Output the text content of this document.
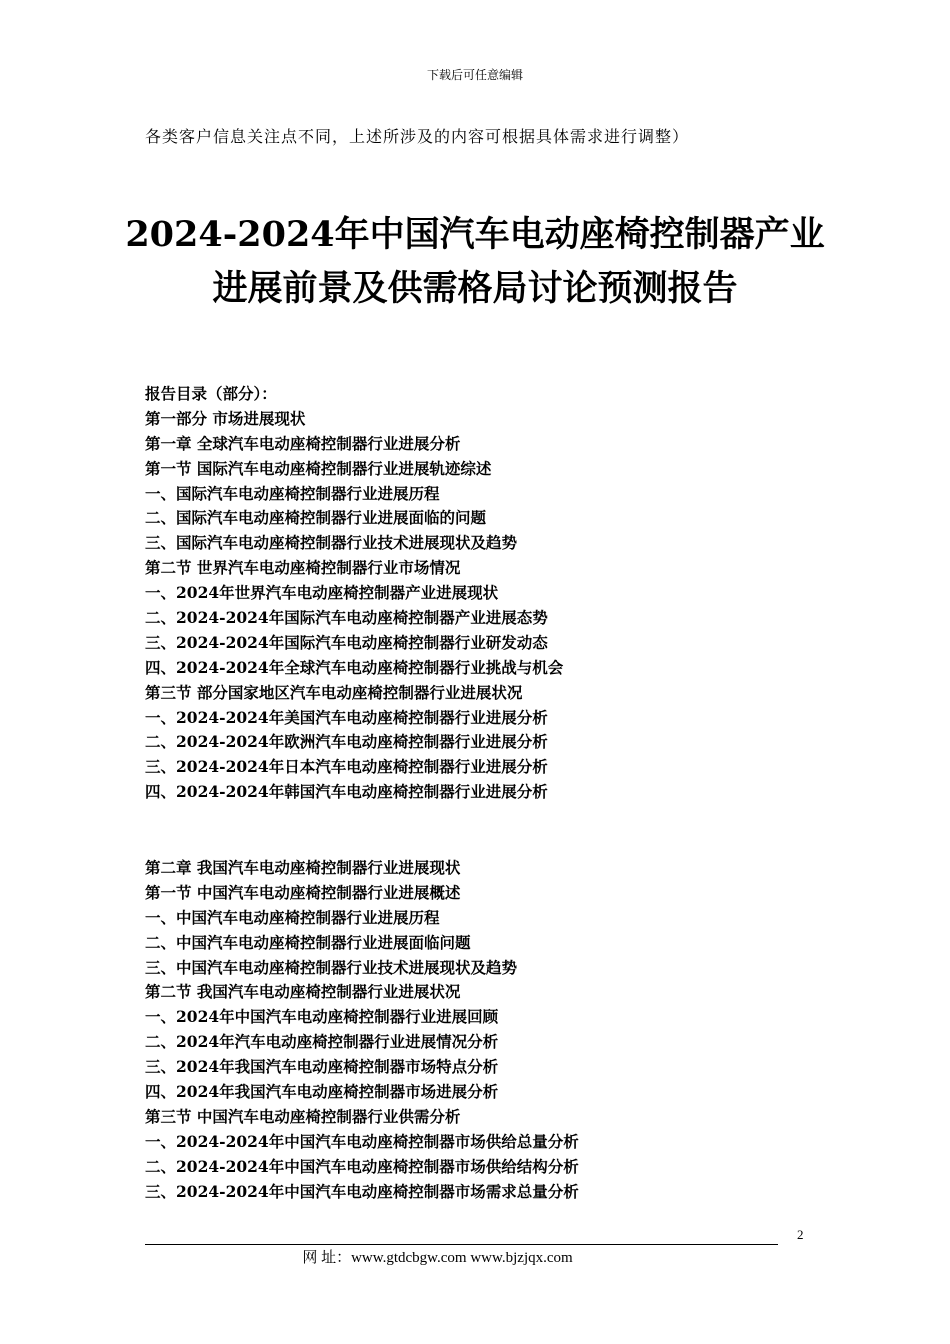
下载后可任意编辑
各类客户信息关注点不同，上述所涉及的内容可根据具体需求进行调整）
2024-2024年中国汽车电动座椅控制器产业
进展前景及供需格局讨论预测报告
报告目录（部分）：
第一部分 市场进展现状
第一章 全球汽车电动座椅控制器行业进展分析
第一节 国际汽车电动座椅控制器行业进展轨迹综述
一、国际汽车电动座椅控制器行业进展历程
二、国际汽车电动座椅控制器行业进展面临的问题
三、国际汽车电动座椅控制器行业技术进展现状及趋势
第二节 世界汽车电动座椅控制器行业市场情况
一、2024年世界汽车电动座椅控制器产业进展现状
二、2024-2024年国际汽车电动座椅控制器产业进展态势
三、2024-2024年国际汽车电动座椅控制器行业研发动态
四、2024-2024年全球汽车电动座椅控制器行业挑战与机会
第三节 部分国家地区汽车电动座椅控制器行业进展状况
一、2024-2024年美国汽车电动座椅控制器行业进展分析
二、2024-2024年欧洲汽车电动座椅控制器行业进展分析
三、2024-2024年日本汽车电动座椅控制器行业进展分析
四、2024-2024年韩国汽车电动座椅控制器行业进展分析
第二章 我国汽车电动座椅控制器行业进展现状
第一节 中国汽车电动座椅控制器行业进展概述
一、中国汽车电动座椅控制器行业进展历程
二、中国汽车电动座椅控制器行业进展面临问题
三、中国汽车电动座椅控制器行业技术进展现状及趋势
第二节 我国汽车电动座椅控制器行业进展状况
一、2024年中国汽车电动座椅控制器行业进展回顾
二、2024年汽车电动座椅控制器行业进展情况分析
三、2024年我国汽车电动座椅控制器市场特点分析
四、2024年我国汽车电动座椅控制器市场进展分析
第三节 中国汽车电动座椅控制器行业供需分析
一、2024-2024年中国汽车电动座椅控制器市场供给总量分析
二、2024-2024年中国汽车电动座椅控制器市场供给结构分析
三、2024-2024年中国汽车电动座椅控制器市场需求总量分析
2
网 址：www.gtdcbgw.com www.bjzjqx.com
